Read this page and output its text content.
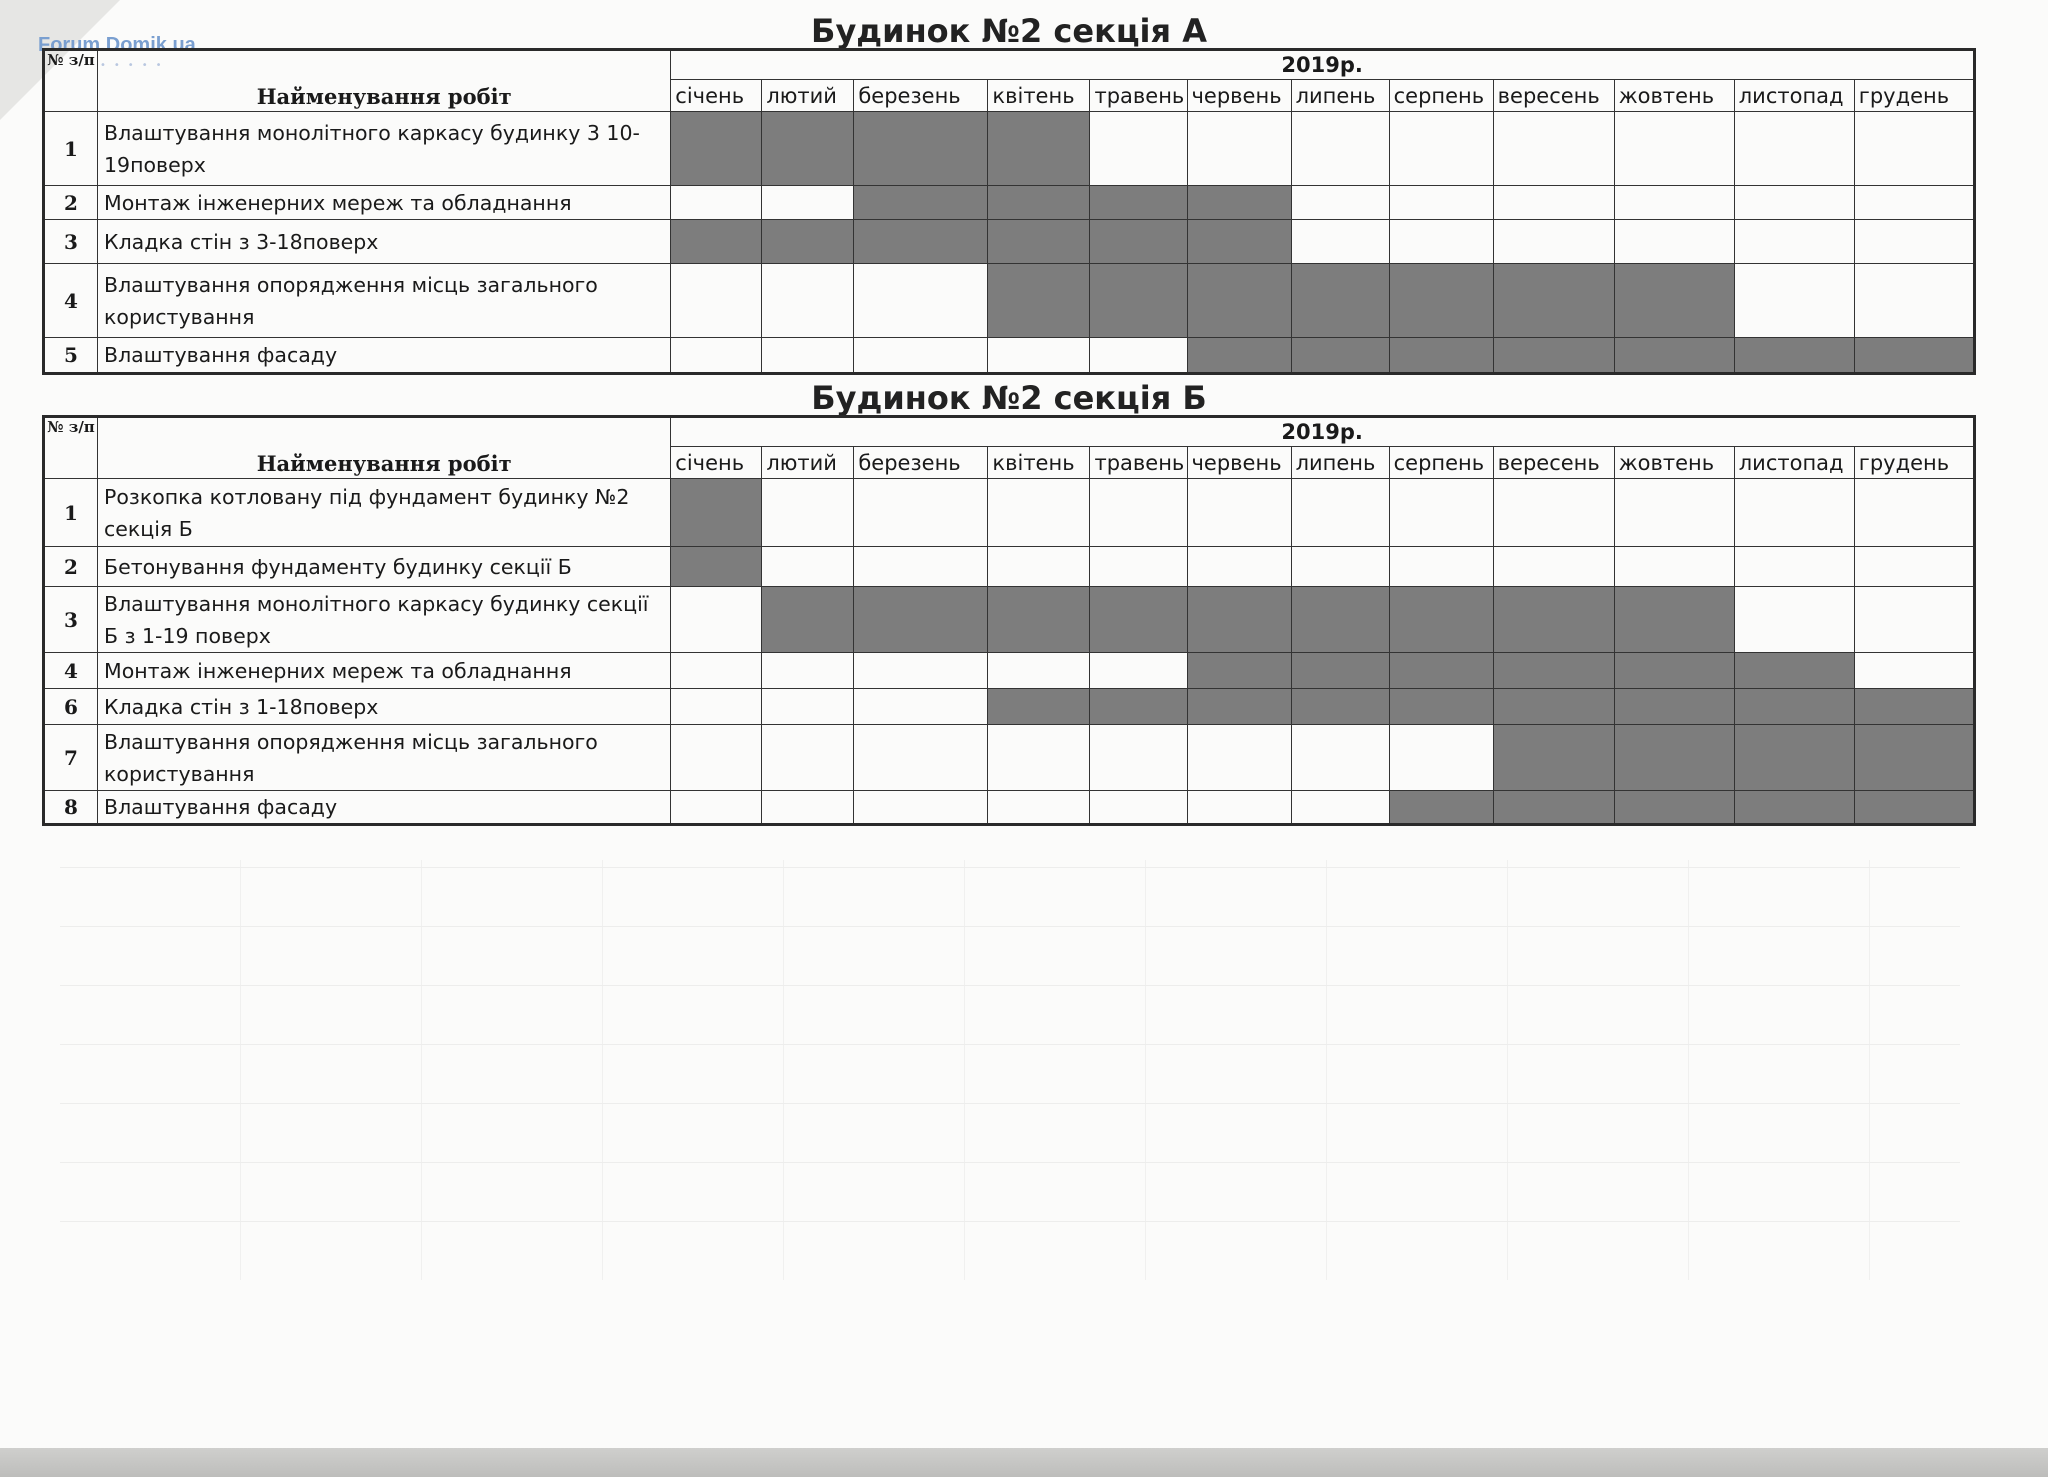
Forum.Domik.ua
•••••
Будинок №2 секція А
№ з/п	Найменування робіт	2019р.											
		січень	лютий	березень	квітень	травень	червень	липень	серпень	вересень	жовтень	листопад	грудень
1	Влаштування монолітного каркасу будинку 3 10-19поверх												
2	Монтаж інженерних мереж та обладнання												
3	Кладка стін з 3-18поверх												
4	Влаштування опорядження місць загального користування												
5	Влаштування фасаду												
Будинок №2 секція Б
№ з/п	Найменування робіт	2019р.											
		січень	лютий	березень	квітень	травень	червень	липень	серпень	вересень	жовтень	листопад	грудень
1	Розкопка котловану під фундамент будинку №2 секція Б												
2	Бетонування фундаменту будинку секції Б												
3	Влаштування монолітного каркасу будинку секції Б з 1-19 поверх												
4	Монтаж інженерних мереж та обладнання												
6	Кладка стін з 1-18поверх												
7	Влаштування опорядження місць загального користування												
8	Влаштування фасаду												
